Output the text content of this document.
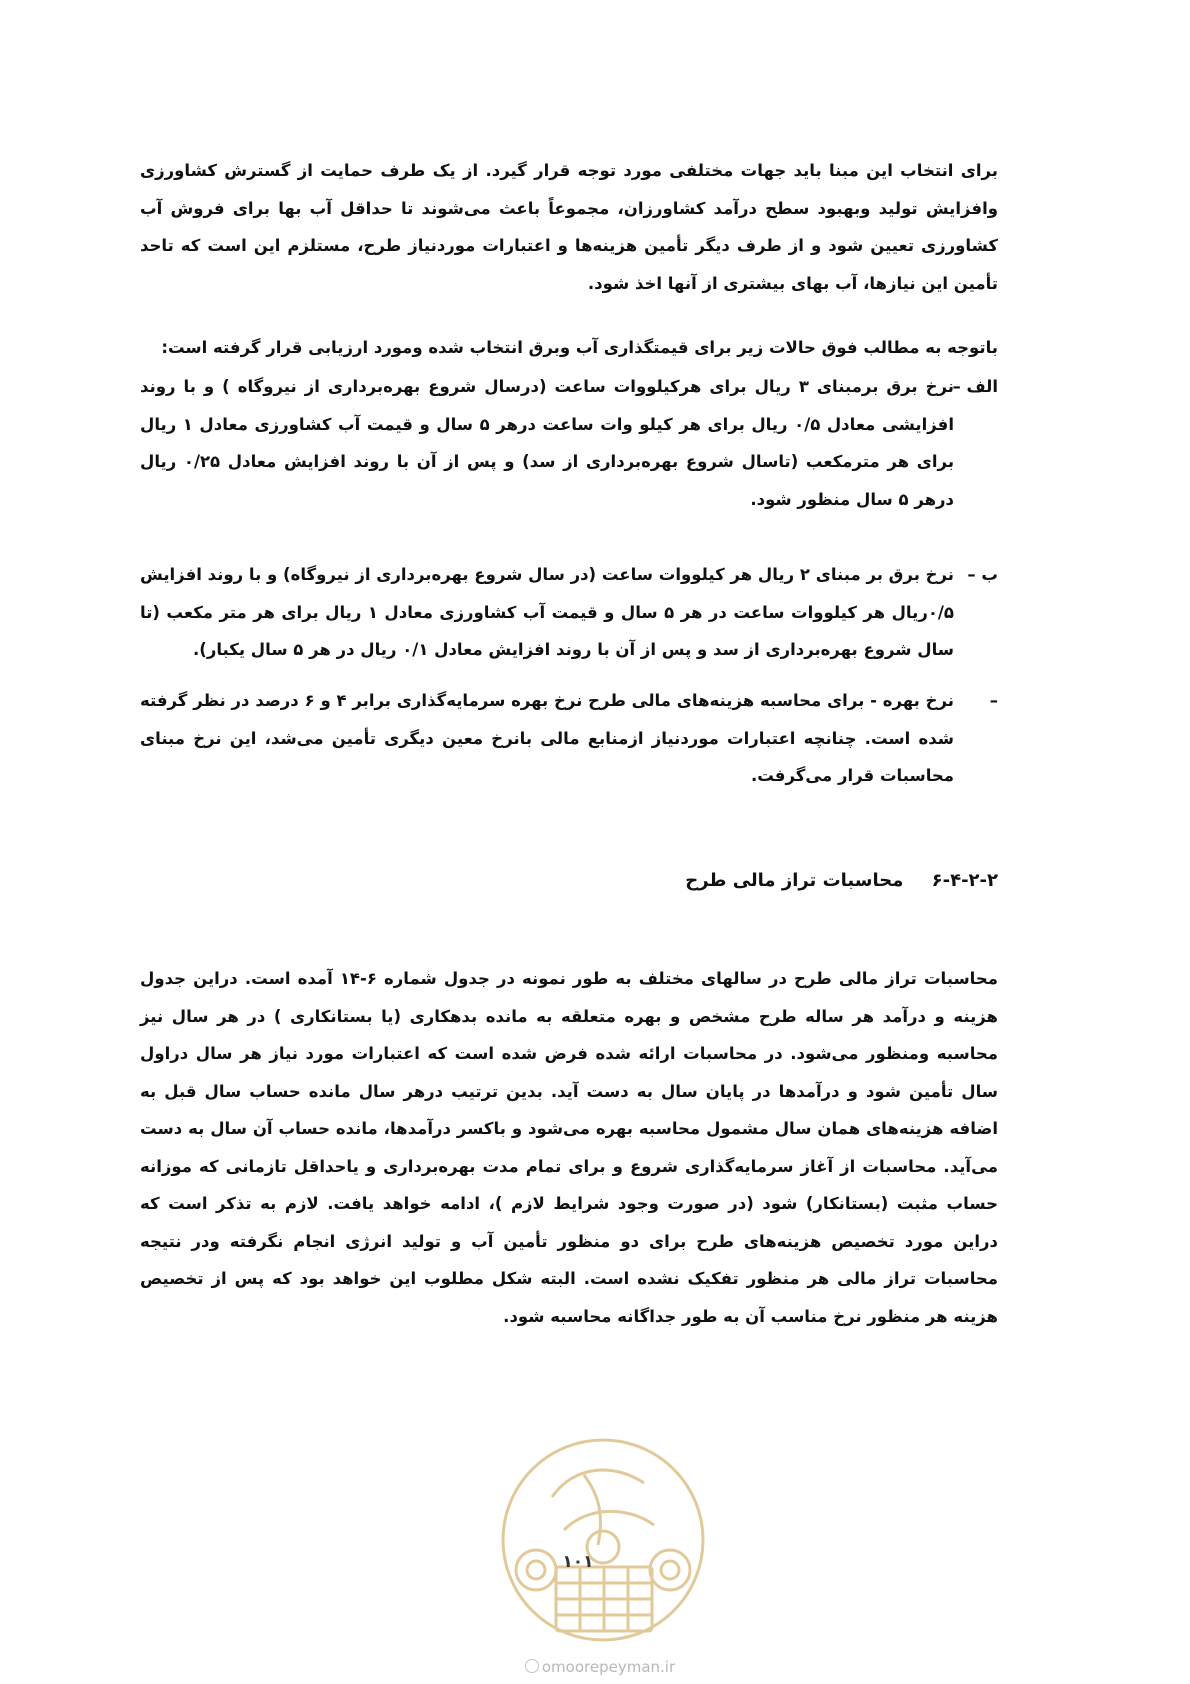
برای انتخاب این مبنا باید جهات مختلفی مورد توجه قرار گیرد. از یک طرف حمایت از گسترش کشاورزی وافزایش تولید وبهبود سطح درآمد کشاورزان، مجموعاً باعث می‌شوند تا حداقل آب بها برای فروش آب کشاورزی تعیین شود و از طرف دیگر تأمین هزینه‌ها و اعتبارات موردنیاز طرح، مستلزم این است که تاحد تأمین این نیازها، آب بهای بیشتری از آنها اخذ شود.

باتوجه به مطالب فوق حالات زیر برای قیمتگذاری آب وبرق انتخاب شده ومورد ارزیابی قرار گرفته است:

الف –
نرخ برق برمبنای ۳ ریال برای هرکیلووات ساعت (درسال شروع بهره‌برداری از نیروگاه ) و با روند افزایشی معادل ۰/۵ ریال برای هر کیلو وات ساعت درهر ۵ سال و قیمت آب کشاورزی معادل ۱ ریال برای هر مترمکعب (تاسال شروع بهره‌برداری از سد) و پس از آن با روند افزایش معادل ۰/۲۵ ریال درهر ۵ سال منظور شود.
ب –
نرخ برق بر مبنای ۲ ریال هر کیلووات ساعت (در سال شروع بهره‌برداری از نیروگاه) و با روند افزایش ۰/۵ریال هر کیلووات ساعت در هر ۵ سال و قیمت آب کشاورزی معادل ۱ ریال برای هر متر مکعب (تا سال شروع بهره‌برداری از سد و پس از آن با روند افزایش معادل ۰/۱ ریال در هر ۵ سال یکبار).
–
نرخ بهره - برای محاسبه هزینه‌های مالی طرح نرخ بهره سرمایه‌گذاری برابر ۴ و ۶ درصد در نظر گرفته شده است. چنانچه اعتبارات موردنیاز ازمنابع مالی بانرخ معین دیگری تأمین می‌شد، این نرخ مبنای محاسبات قرار می‌گرفت.
۶-۴-۲-۲ محاسبات تراز مالی طرح

محاسبات تراز مالی طرح در سالهای مختلف به طور نمونه در جدول شماره ۶-۱۴ آمده است. دراین جدول هزینه و درآمد هر ساله طرح مشخص و بهره متعلقه به مانده بدهکاری (یا بستانکاری ) در هر سال نیز محاسبه ومنظور می‌شود. در محاسبات ارائه شده فرض شده است که اعتبارات مورد نیاز هر سال دراول سال تأمین شود و درآمدها در پایان سال به دست آید. بدین ترتیب درهر سال مانده حساب سال قبل به اضافه هزینه‌های همان سال مشمول محاسبه بهره می‌شود و باکسر درآمدها، مانده حساب آن سال به دست می‌آید. محاسبات از آغاز سرمایه‌گذاری شروع و برای تمام مدت بهره‌برداری و یاحداقل تازمانی که موزانه حساب مثبت (بستانکار) شود (در صورت وجود شرایط لازم )، ادامه خواهد یافت. لازم به تذکر است که دراین مورد تخصیص هزینه‌های طرح برای دو منظور تأمین آب و تولید انرژی انجام نگرفته ودر نتیجه محاسبات تراز مالی هر منظور تفکیک نشده است. البته شکل مطلوب این خواهد بود که پس از تخصیص هزینه هر منظور نرخ مناسب آن به طور جداگانه محاسبه شود.

۱۰۱
omoorepeyman.ir
